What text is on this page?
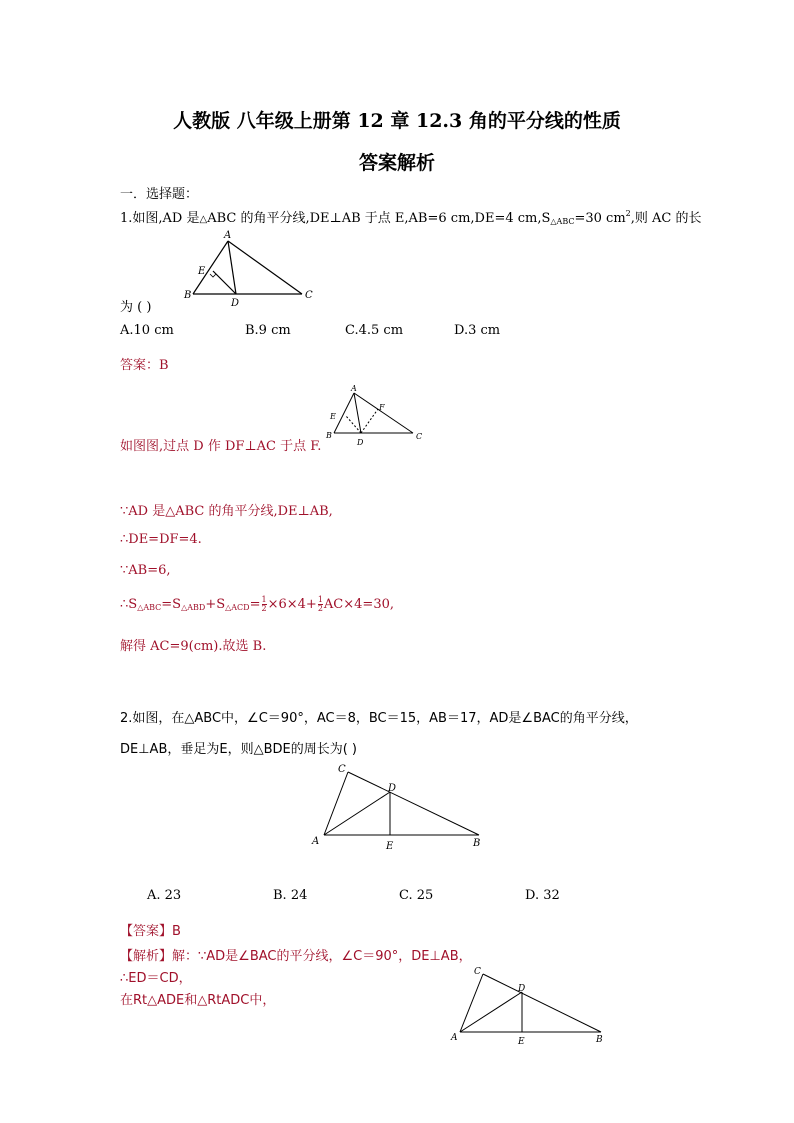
人教版 八年级上册第 12 章 12.3 角的平分线的性质
答案解析
一．选择题：
1.如图,AD 是△ABC 的角平分线,DE⊥AB 于点 E,AB=6 cm,DE=4 $cm,S_{\triangle ABC}=30$ $cm^2$,则 AC 的长
A
E
B
D
C
为 ( )
A.10 cm	B.9 cm	C.4.5 cm	D.3 cm
答案：B
A
E
B
D
C
F
如图图,过点 D 作 DF⊥AC 于点 F.
∵AD 是△ABC 的角平分线,DE⊥AB,
∴DE=DF=4.
∵AB=6,
$\therefore S_{\triangle ABC}=S_{\triangle ABD}+S_{\triangle ACD}= \frac{1}{2} \times 6\times 4+ \frac{1}{2} AC\times 4=30$,
解得 AC=9(cm).故选 B.
2.如图，在△ABC中，∠C＝90°，AC＝8，BC＝15，AB＝17，AD是∠BAC的角平分线，
DE⊥AB，垂足为E，则△BDE的周长为( )
C
D
A	E	B
A. 23	B. 24	C. 25	D. 32
【答案】B
【解析】解：∵AD是∠BAC的平分线，∠C＝90°，DE⊥AB，
∴ED＝CD，
在Rt△ADE和△RtADC中，
C
D
A	E	B
